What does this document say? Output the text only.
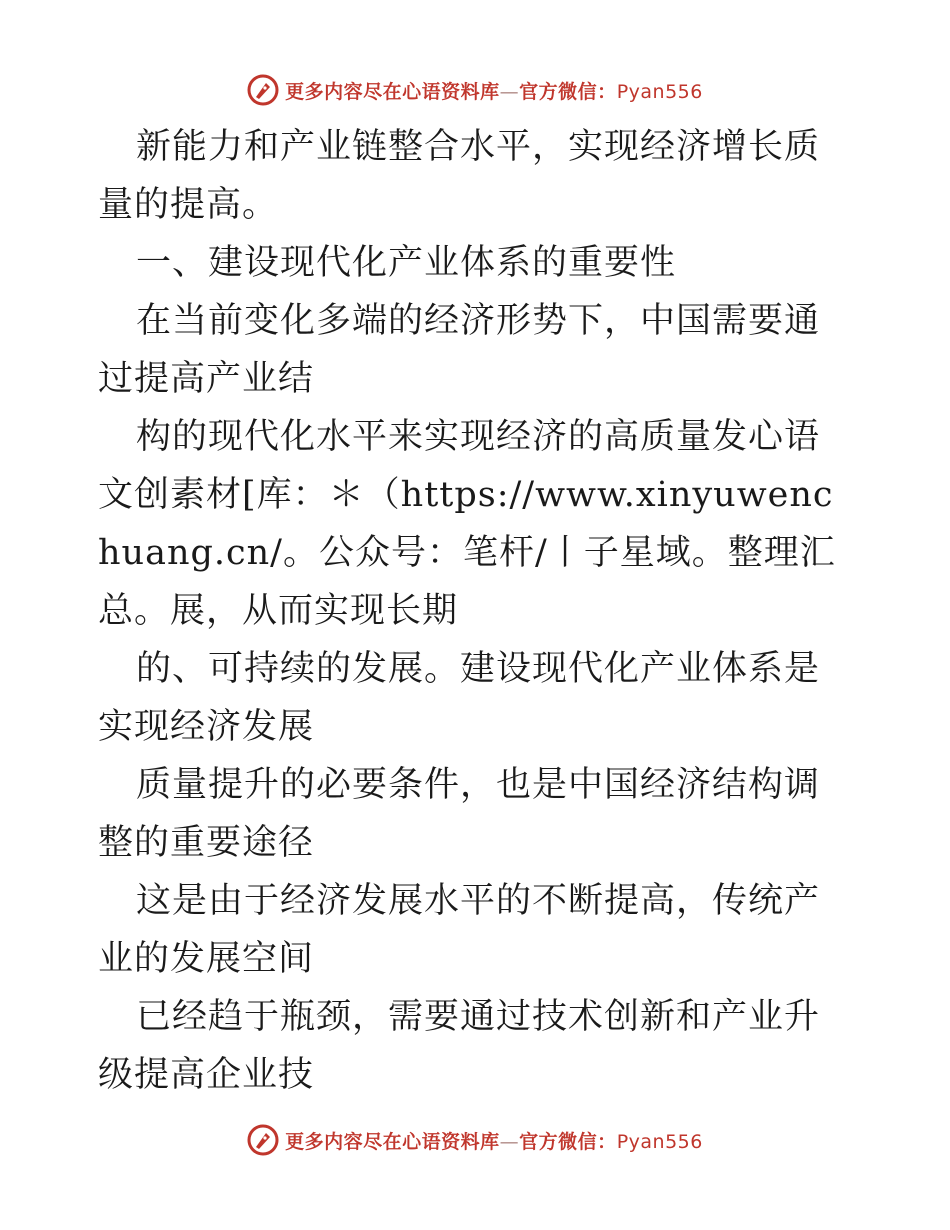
更多内容尽在心语资料库—官方微信：Pyan556

新能力和产业链整合水平，实现经济增长质量的提高。

一、建设现代化产业体系的重要性

在当前变化多端的经济形势下，中国需要通过提高产业结

构的现代化水平来实现经济的高质量发心语文创素材[库：＊（https://www.xinyuwenchuang.cn/。公众号：笔杆/丨子星域。整理汇总。展，从而实现长期

的、可持续的发展。建设现代化产业体系是实现经济发展

质量提升的必要条件，也是中国经济结构调整的重要途径

这是由于经济发展水平的不断提高，传统产业的发展空间

已经趋于瓶颈，需要通过技术创新和产业升级提高企业技

更多内容尽在心语资料库—官方微信：Pyan556
